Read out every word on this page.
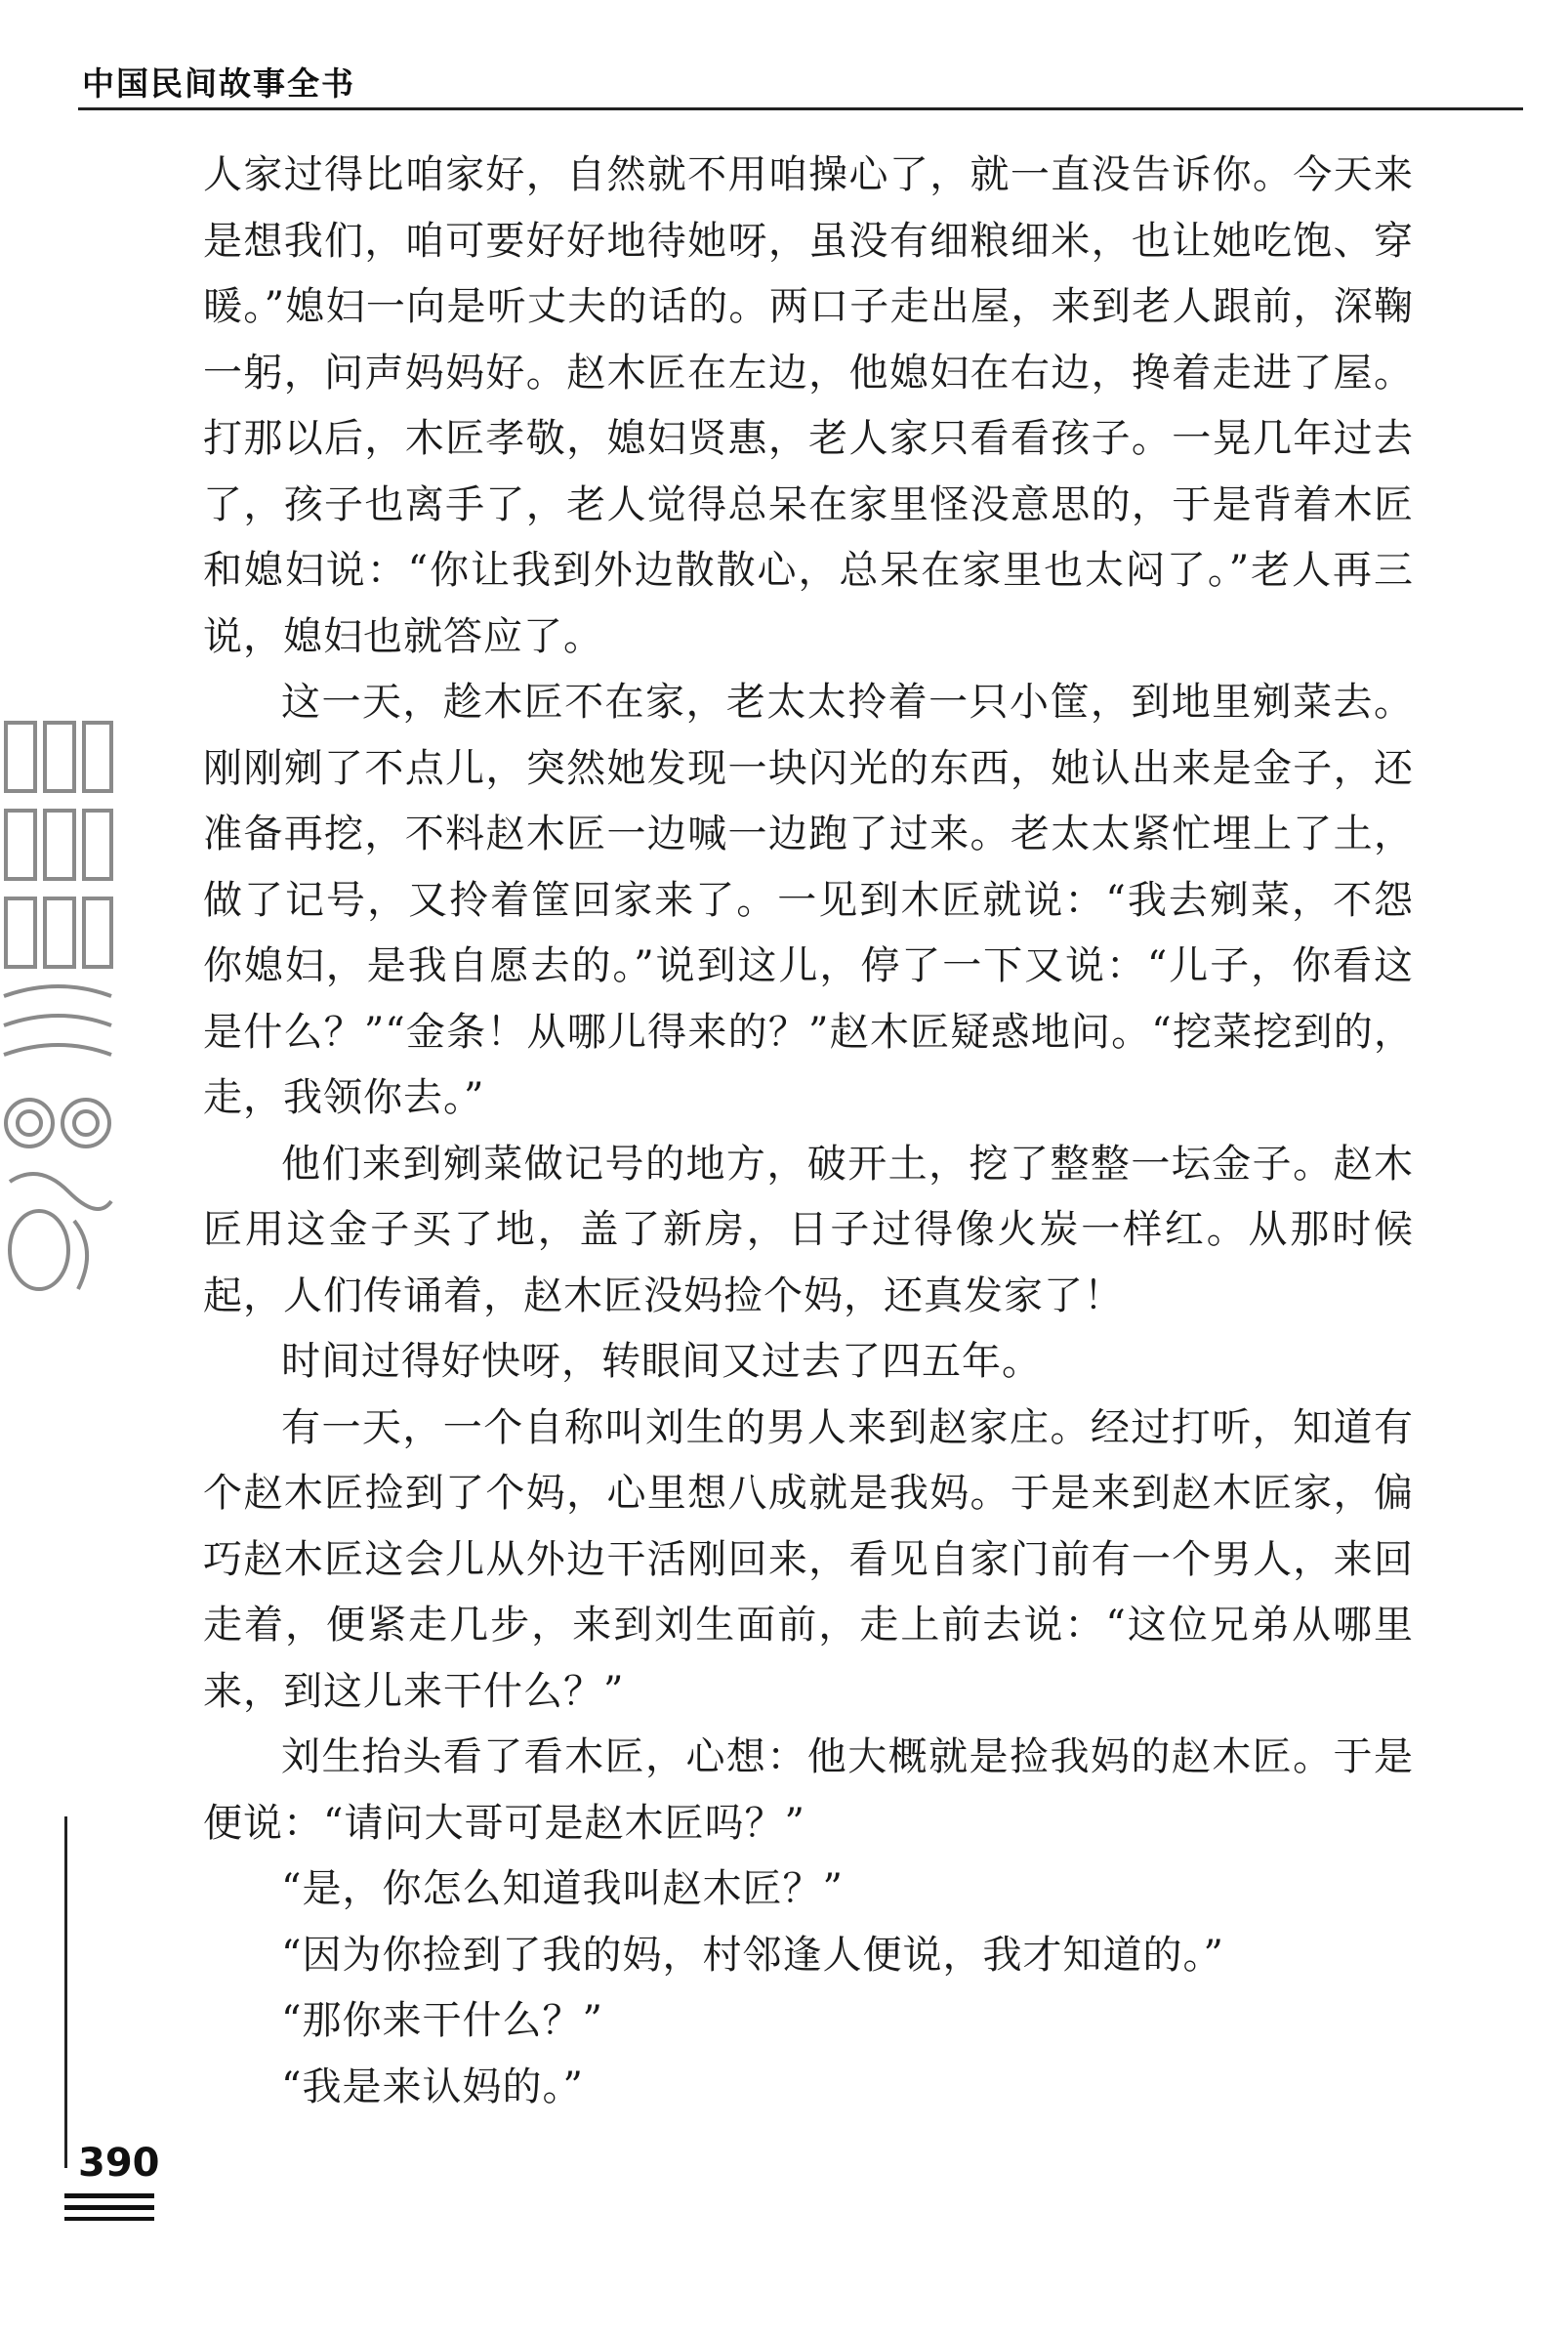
中国民间故事全书

人家过得比咱家好，自然就不用咱操心了，就一直没告诉你。今天来是想我们，咱可要好好地待她呀，虽没有细粮细米，也让她吃饱、穿暖。”媳妇一向是听丈夫的话的。两口子走出屋，来到老人跟前，深鞠一躬，问声妈妈好。赵木匠在左边，他媳妇在右边，搀着走进了屋。打那以后，木匠孝敬，媳妇贤惠，老人家只看看孩子。一晃几年过去了，孩子也离手了，老人觉得总呆在家里怪没意思的，于是背着木匠和媳妇说：“你让我到外边散散心，总呆在家里也太闷了。”老人再三说，媳妇也就答应了。

这一天，趁木匠不在家，老太太拎着一只小筐，到地里剜菜去。刚刚剜了不点儿，突然她发现一块闪光的东西，她认出来是金子，还准备再挖，不料赵木匠一边喊一边跑了过来。老太太紧忙埋上了土，做了记号，又拎着筐回家来了。一见到木匠就说：“我去剜菜，不怨你媳妇，是我自愿去的。”说到这儿，停了一下又说：“儿子，你看这是什么？”“金条！从哪儿得来的？”赵木匠疑惑地问。“挖菜挖到的，走，我领你去。”

他们来到剜菜做记号的地方，破开土，挖了整整一坛金子。赵木匠用这金子买了地，盖了新房，日子过得像火炭一样红。从那时候起，人们传诵着，赵木匠没妈捡个妈，还真发家了！

时间过得好快呀，转眼间又过去了四五年。

有一天，一个自称叫刘生的男人来到赵家庄。经过打听，知道有个赵木匠捡到了个妈，心里想八成就是我妈。于是来到赵木匠家，偏巧赵木匠这会儿从外边干活刚回来，看见自家门前有一个男人，来回走着，便紧走几步，来到刘生面前，走上前去说：“这位兄弟从哪里来，到这儿来干什么？”

刘生抬头看了看木匠，心想：他大概就是捡我妈的赵木匠。于是便说：“请问大哥可是赵木匠吗？”

“是，你怎么知道我叫赵木匠？”

“因为你捡到了我的妈，村邻逢人便说，我才知道的。”

“那你来干什么？”

“我是来认妈的。”

390
